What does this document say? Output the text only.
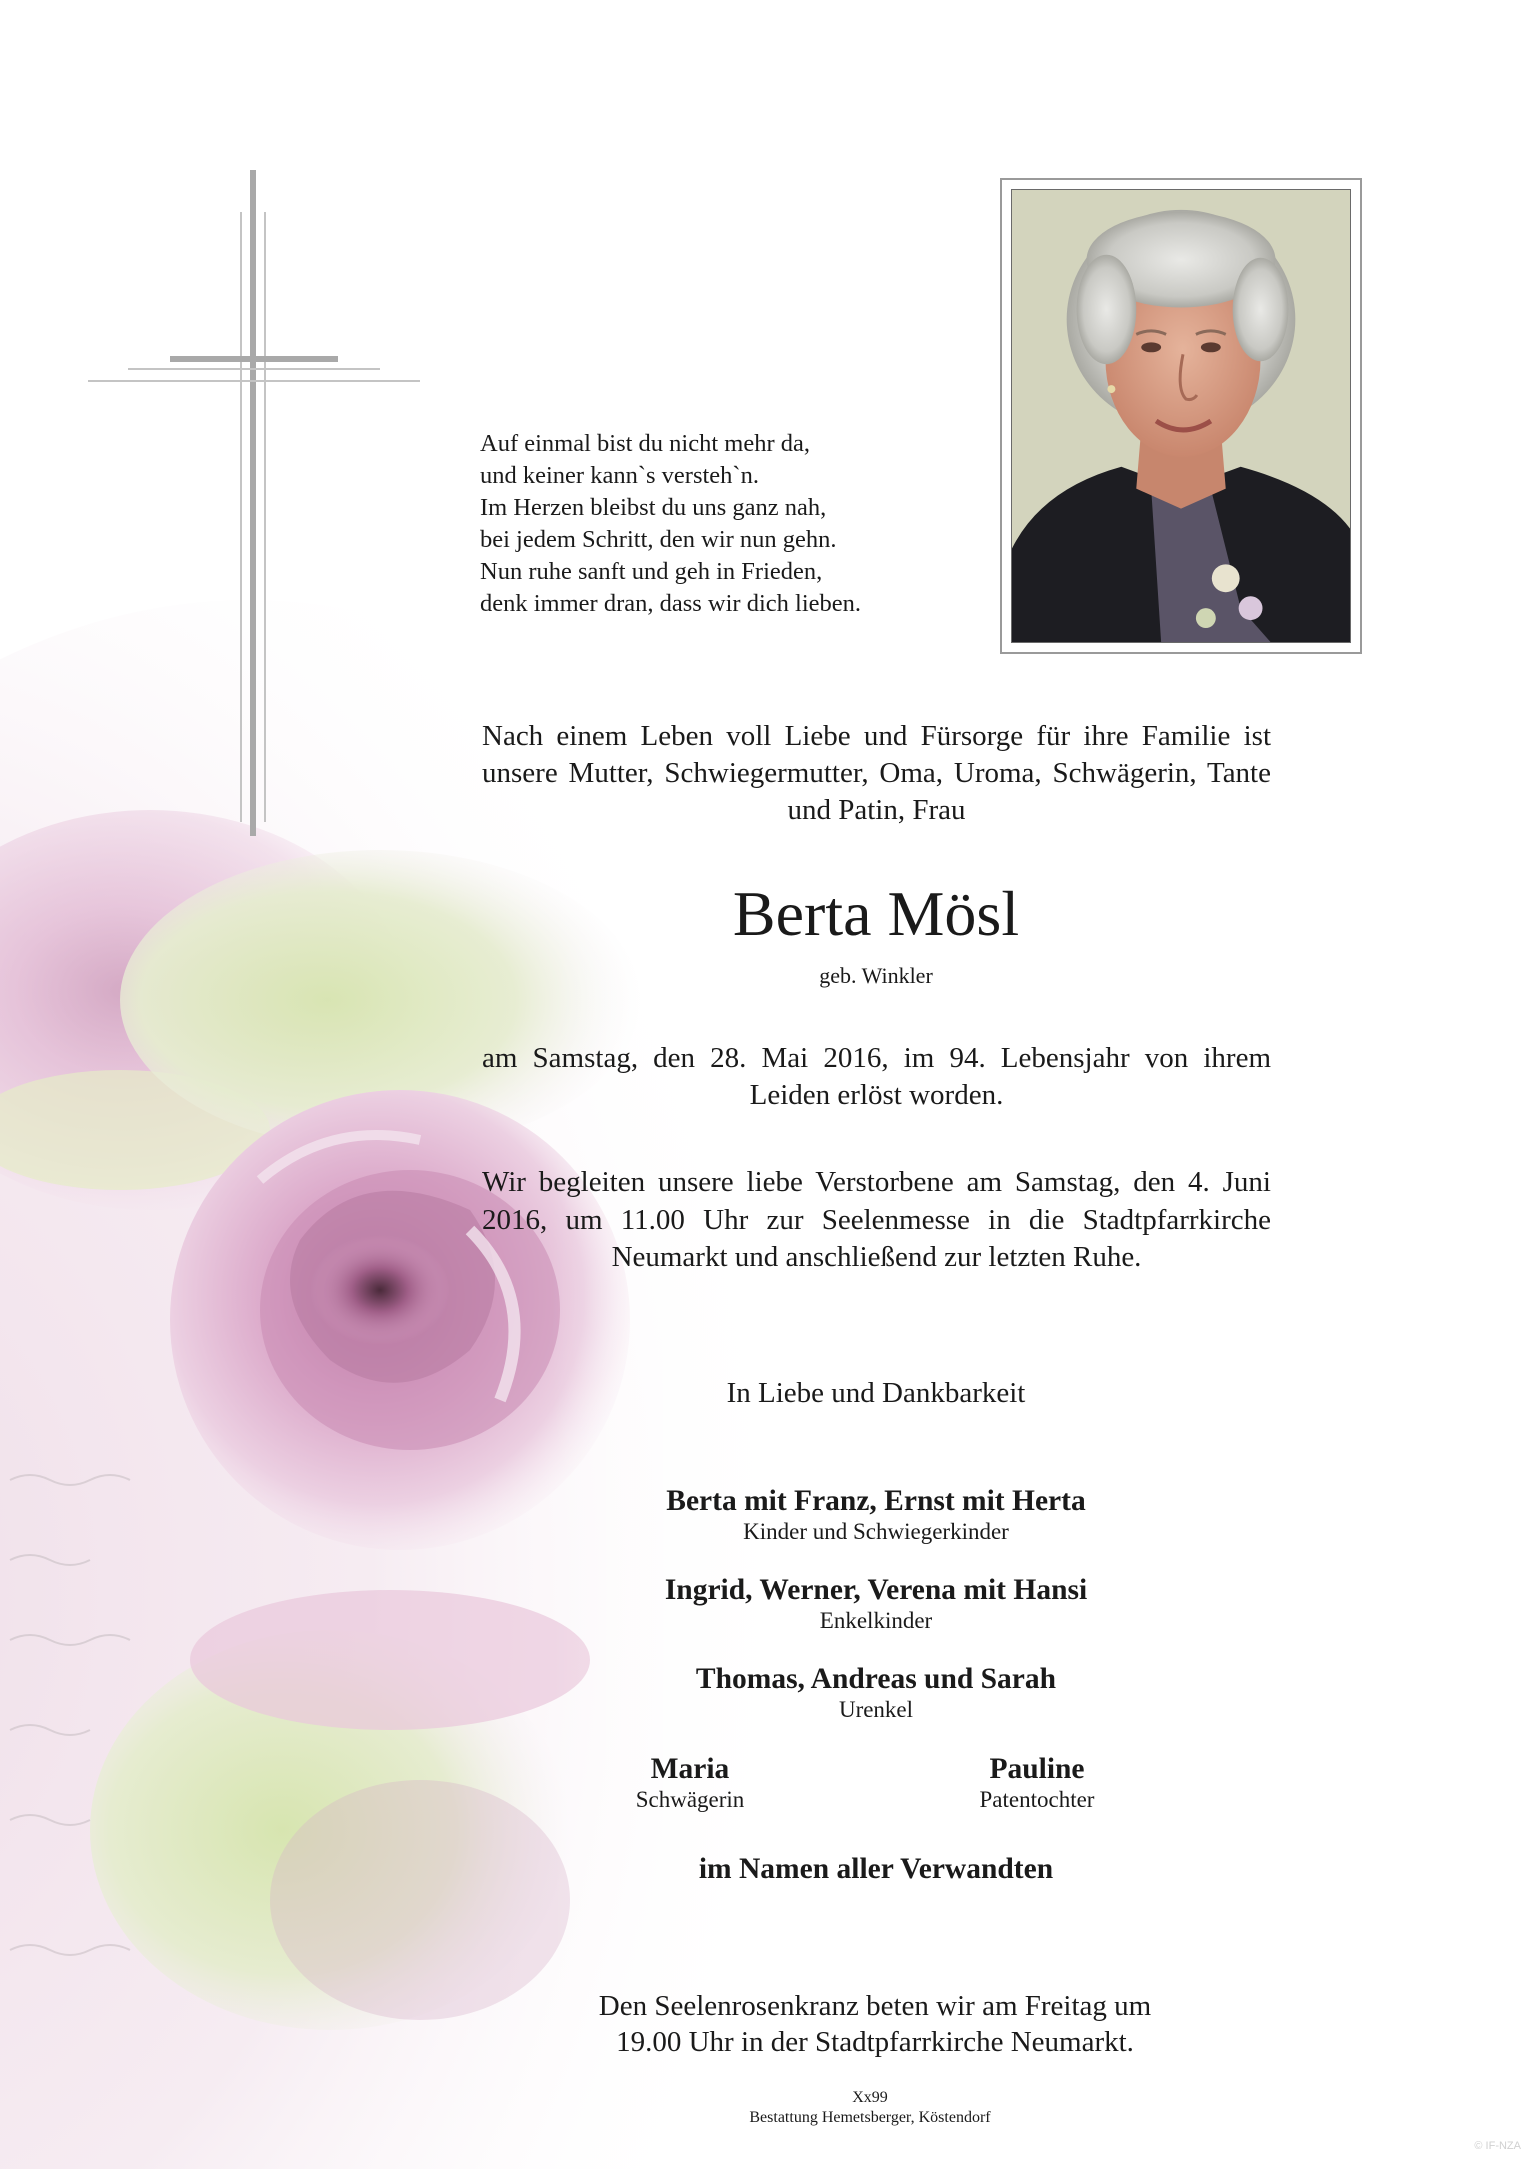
Auf einmal bist du nicht mehr da,
und keiner kann`s versteh`n.
Im Herzen bleibst du uns ganz nah,
bei jedem Schritt, den wir nun gehn.
Nun ruhe sanft und geh in Frieden,
denk immer dran, dass wir dich lieben.
Nach einem Leben voll Liebe und Fürsorge für ihre Familie ist unsere Mutter, Schwiegermutter, Oma, Uroma, Schwägerin, Tante und Patin, Frau
Berta Mösl
geb. Winkler
am Samstag, den 28. Mai 2016, im 94. Lebensjahr von ihrem Leiden erlöst worden.
Wir begleiten unsere liebe Verstorbene am Samstag, den 4. Juni 2016, um 11.00 Uhr zur Seelenmesse in die Stadtpfarrkirche Neumarkt und anschließend zur letzten Ruhe.
In Liebe und Dankbarkeit
Berta mit Franz, Ernst mit Herta
Kinder und Schwiegerkinder
Ingrid, Werner, Verena mit Hansi
Enkelkinder
Thomas, Andreas und Sarah
Urenkel
Maria
Schwägerin
Pauline
Patentochter
im Namen aller Verwandten
Den Seelenrosenkranz beten wir am Freitag um
19.00 Uhr in der Stadtpfarrkirche Neumarkt.
Xx99
Bestattung Hemetsberger, Köstendorf
© IF-NZA
